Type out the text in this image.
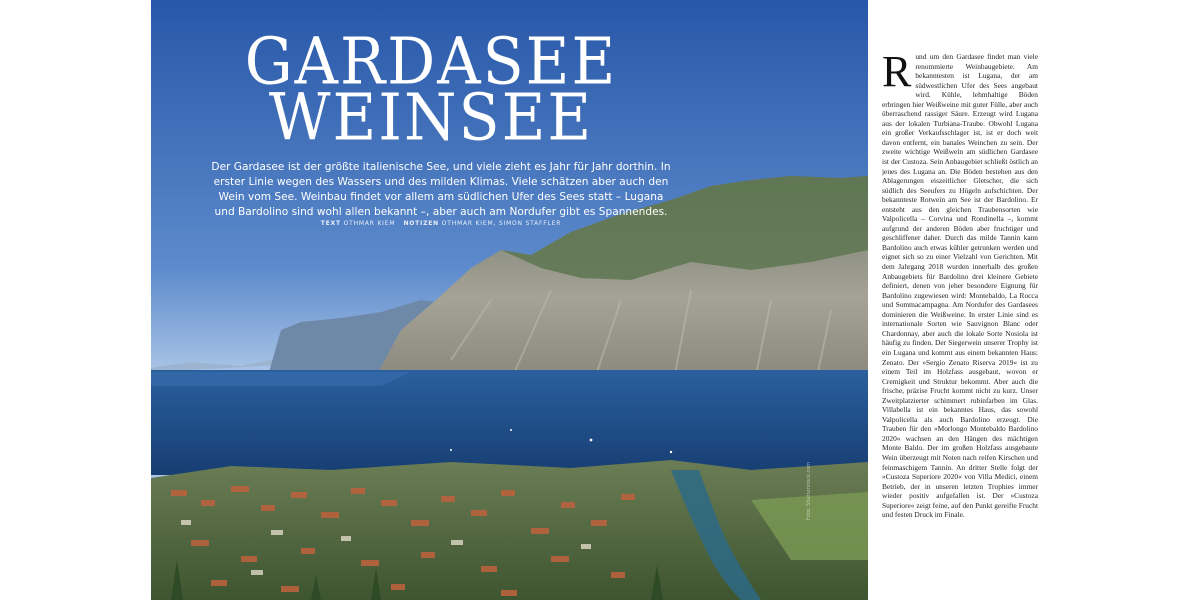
GARDASEE
WEINSEE
Der Gardasee ist der größte italienische See, und viele zieht es Jahr für Jahr dorthin. In erster Linie wegen des Wassers und des milden Klimas. Viele schätzen aber auch den Wein vom See. Weinbau findet vor allem am südlichen Ufer des Sees statt – Lugana und Bardolino sind wohl allen bekannt –, aber auch am Nordufer gibt es Spannendes.
TEXT OTHMAR KIEM NOTIZEN OTHMAR KIEM, SIMON STAFFLER
Foto: Shutterstock.com
Rund um den Gardasee findet man viele renommierte Weinbaugebiete. Am bekanntesten ist Lugana, der am südwestlichen Ufer des Sees angebaut wird. Kühle, lehmhaltige Böden erbringen hier Weißweine mit guter Fülle, aber auch überraschend rassiger Säure. Erzeugt wird Lugana aus der lokalen Turbiana-Traube. Obwohl Lugana ein großer Verkaufsschlager ist, ist er doch weit davon entfernt, ein banales Weinchen zu sein. Der zweite wichtige Weißwein am südlichen Gardasee ist der Custoza. Sein Anbaugebiet schließt östlich an jenes des Lugana an. Die Böden bestehen aus den Ablagerungen eiszeitlicher Gletscher, die sich südlich des Seeufers zu Hügeln aufschichten. Der bekannteste Rotwein am See ist der Bardolino. Er entsteht aus den gleichen Traubensorten wie Valpolicella – Corvina und Rondinella –, kommt aufgrund der anderen Böden aber fruchtiger und geschliffener daher. Durch das milde Tannin kann Bardolino auch etwas kühler getrunken werden und eignet sich so zu einer Vielzahl von Gerichten. Mit dem Jahrgang 2018 wurden innerhalb des großen Anbaugebiets für Bardolino drei kleinere Gebiete definiert, denen von jeher besondere Eignung für Bardolino zugewiesen wird: Montebaldo, La Rocca und Sommacampagna. Am Nordufer des Gardasees dominieren die Weißweine. In erster Linie sind es internationale Sorten wie Sauvignon Blanc oder Chardonnay, aber auch die lokale Sorte Nosiola ist häufig zu finden. Der Siegerwein unserer Trophy ist ein Lugana und kommt aus einem bekannten Haus: Zenato. Der »Sergio Zenato Riserva 2019« ist zu einem Teil im Holzfass ausgebaut, wovon er Cremigkeit und Struktur bekommt. Aber auch die frische, präzise Frucht kommt nicht zu kurz. Unser Zweitplatzierter schimmert rubinfarben im Glas. Villabella ist ein bekanntes Haus, das sowohl Valpolicella als auch Bardolino erzeugt. Die Trauben für den »Morlongo Montebaldo Bardolino 2020« wachsen an den Hängen des mächtigen Monte Baldo. Der im großen Holzfass ausgebaute Wein überzeugt mit Noten nach reifen Kirschen und feinmaschigem Tannin. An dritter Stelle folgt der »Custoza Superiore 2020« von Villa Medici, einem Betrieb, der in unseren letzten Trophies immer wieder positiv aufgefallen ist. Der »Custoza Superiore« zeigt feine, auf den Punkt gereifte Frucht und festen Druck im Finale.
